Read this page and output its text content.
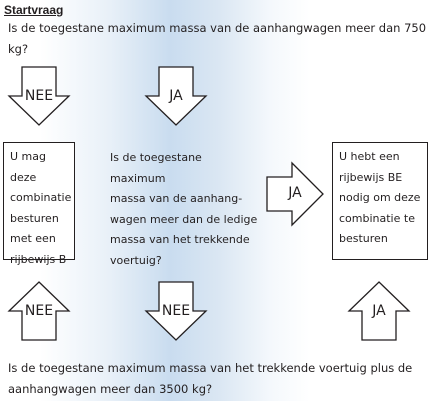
Startvraag
Is de toegestane maximum massa van de aanhangwagen meer dan 750 kg?
NEE	JA
U mag deze
combinatie
besturen
met een
rijbewijs B
Is de toegestane maximum
massa van de aanhang-
wagen meer dan de ledige
massa van het trekkende
voertuig?
JA
U hebt een
rijbewijs BE
nodig om deze
combinatie te
besturen
NEE	NEE	JA
Is de toegestane maximum massa van het trekkende voertuig plus de
aanhangwagen meer dan 3500 kg?
